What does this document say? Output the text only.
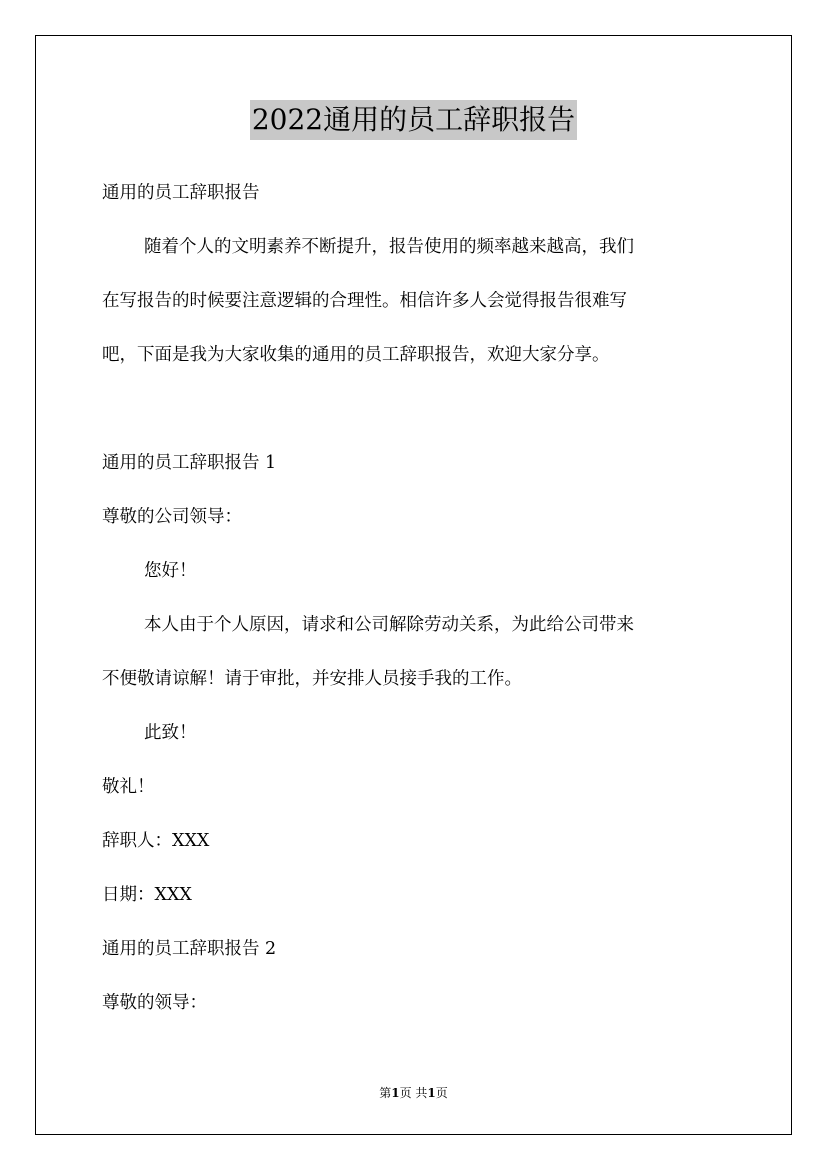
2022通用的员工辞职报告

通用的员工辞职报告

随着个人的文明素养不断提升，报告使用的频率越来越高，我们

在写报告的时候要注意逻辑的合理性。相信许多人会觉得报告很难写

吧，下面是我为大家收集的通用的员工辞职报告，欢迎大家分享。

通用的员工辞职报告 1

尊敬的公司领导：

您好！

本人由于个人原因，请求和公司解除劳动关系，为此给公司带来

不便敬请谅解！请于审批，并安排人员接手我的工作。

此致！

敬礼！

辞职人：XXX

日期：XXX

通用的员工辞职报告 2

尊敬的领导：

第1页 共1页
